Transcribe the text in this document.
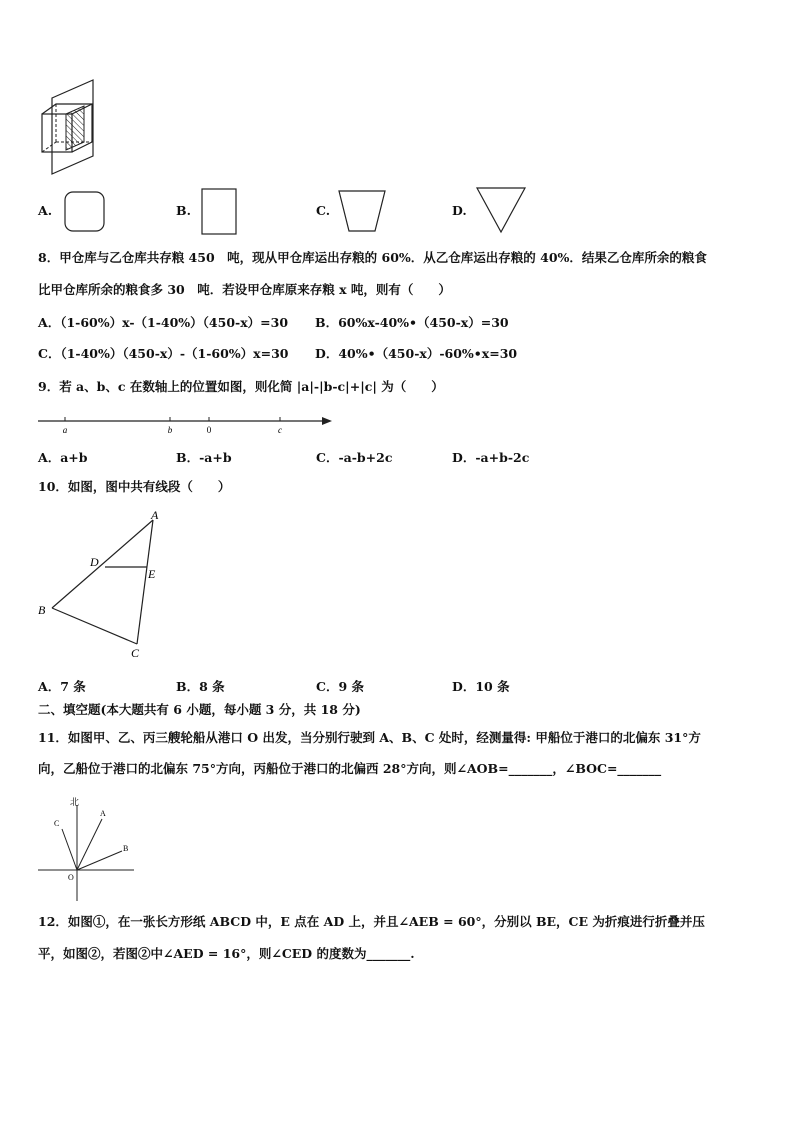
A.	B.	C.	D.
8．甲仓库与乙仓库共存粮 450　吨，现从甲仓库运出存粮的 60%．从乙仓库运出存粮的 40%．结果乙仓库所余的粮食
比甲仓库所余的粮食多 30　吨．若设甲仓库原来存粮 x 吨，则有（　　）
A．（1-60%）x-（1-40%）（450-x）=30 B．60%x-40%•（450-x）=30
C．（1-40%）（450-x）-（1-60%）x=30 D．40%•（450-x）-60%•x=30
9．若 a、b、c 在数轴上的位置如图，则化简 |a|-|b-c|+|c| 为（　　）
a	b	0	c
A．a+b	B．-a+b	C．-a-b+2c	D．-a+b-2c
10．如图，图中共有线段（　　）
A
D
E
B
C
A．7 条	B．8 条	C．9 条	D．10 条
二、填空题(本大题共有 6 小题，每小题 3 分，共 18 分)
11．如图甲、乙、丙三艘轮船从港口 O 出发，当分别行驶到 A、B、C 处时，经测量得: 甲船位于港口的北偏东 31°方
向，乙船位于港口的北偏东 75°方向，丙船位于港口的北偏西 28°方向，则∠AOB=_______，∠BOC=_______
北
C
A
B
O
12．如图①，在一张长方形纸 ABCD 中，E 点在 AD 上，并且∠AEB = 60°，分别以 BE，CE 为折痕进行折叠并压
平，如图②，若图②中∠AED = 16°，则∠CED 的度数为_______.
